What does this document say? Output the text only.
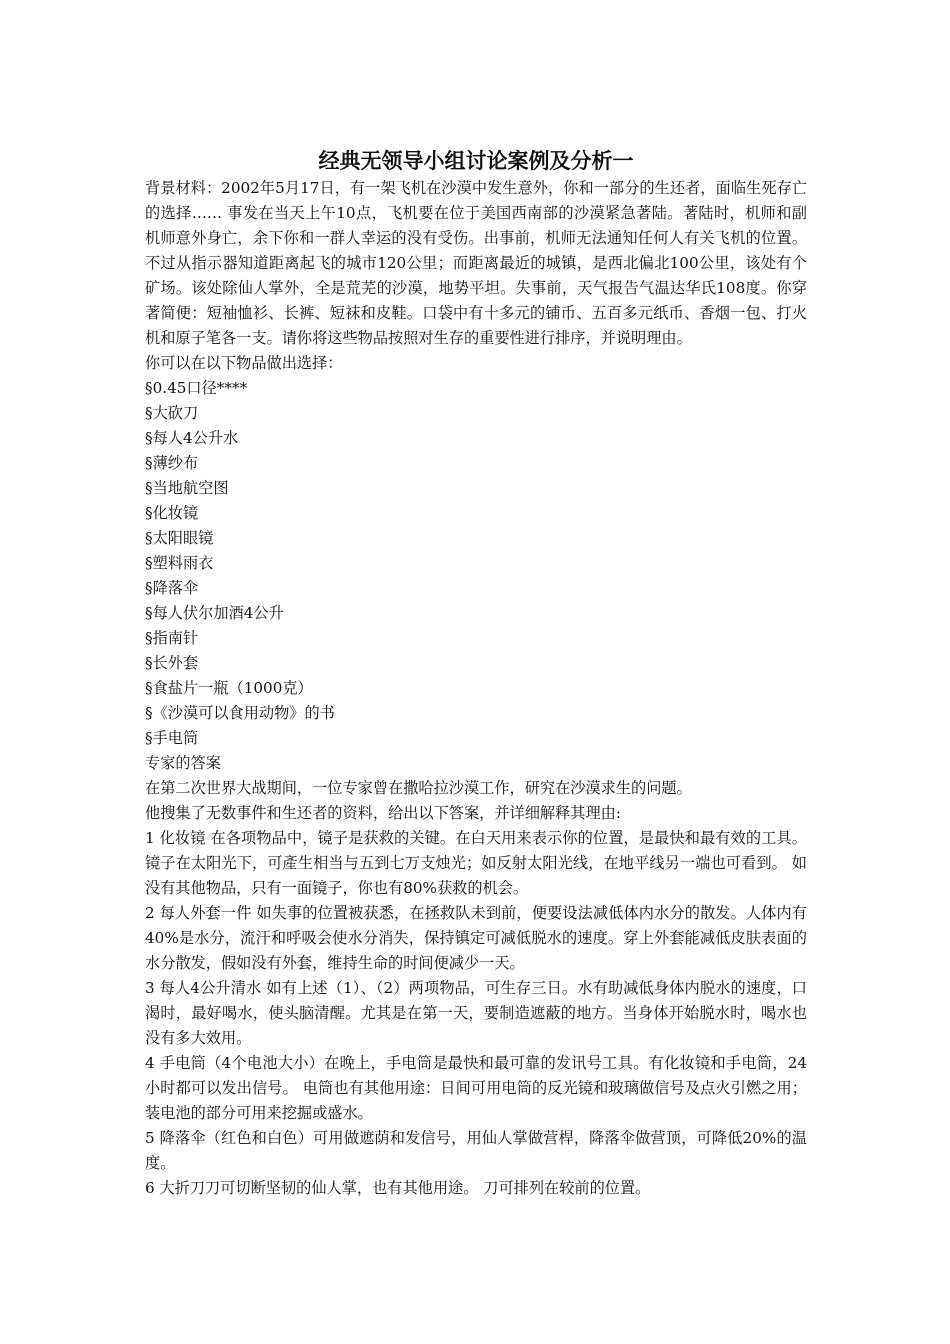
经典无领导小组讨论案例及分析一

背景材料：2002年5月17日，有一架飞机在沙漠中发生意外，你和一部分的生还者，面临生死存亡的选择…… 事发在当天上午10点，飞机要在位于美国西南部的沙漠紧急著陆。著陆时，机师和副机师意外身亡，余下你和一群人幸运的没有受伤。出事前，机师无法通知任何人有关飞机的位置。不过从指示器知道距离起飞的城市120公里；而距离最近的城镇，是西北偏北100公里，该处有个矿场。该处除仙人掌外，全是荒芜的沙漠，地势平坦。失事前，天气报告气温达华氏108度。你穿著简便：短袖恤衫、长裤、短袜和皮鞋。口袋中有十多元的铺币、五百多元纸币、香烟一包、打火机和原子笔各一支。请你将这些物品按照对生存的重要性进行排序，并说明理由。

你可以在以下物品做出选择：

§0.45口径****

§大砍刀

§每人4公升水

§薄纱布

§当地航空图

§化妆镜

§太阳眼镜

§塑料雨衣

§降落伞

§每人伏尔加酒4公升

§指南针

§长外套

§食盐片一瓶（1000克）

§《沙漠可以食用动物》的书

§手电筒

专家的答案

在第二次世界大战期间，一位专家曾在撒哈拉沙漠工作，研究在沙漠求生的问题。

他搜集了无数事件和生还者的资料，给出以下答案，并详细解释其理由:

1 化妆镜 在各项物品中，镜子是获救的关键。在白天用来表示你的位置，是最快和最有效的工具。镜子在太阳光下，可產生相当与五到七万支烛光；如反射太阳光线，在地平线另一端也可看到。 如没有其他物品，只有一面镜子，你也有80%获救的机会。

2 每人外套一件 如失事的位置被获悉，在拯救队未到前，便要设法减低体内水分的散发。人体内有40%是水分，流汗和呼吸会使水分消失，保持镇定可减低脱水的速度。穿上外套能减低皮肤表面的水分散发，假如没有外套，维持生命的时间便减少一天。

3 每人4公升清水 如有上述（1）、（2）两项物品，可生存三日。水有助减低身体内脱水的速度，口渴时，最好喝水，使头脑清醒。尤其是在第一天，要制造遮蔽的地方。当身体开始脱水时，喝水也没有多大效用。

4 手电筒（4个电池大小）在晚上，手电筒是最快和最可靠的发讯号工具。有化妆镜和手电筒，24小时都可以发出信号。 电筒也有其他用途：日间可用电筒的反光镜和玻璃做信号及点火引燃之用；装电池的部分可用来挖掘或盛水。

5 降落伞（红色和白色）可用做遮荫和发信号，用仙人掌做营桿，降落伞做营顶，可降低20%的温度。

6 大折刀刀可切断坚韧的仙人掌，也有其他用途。 刀可排列在较前的位置。
